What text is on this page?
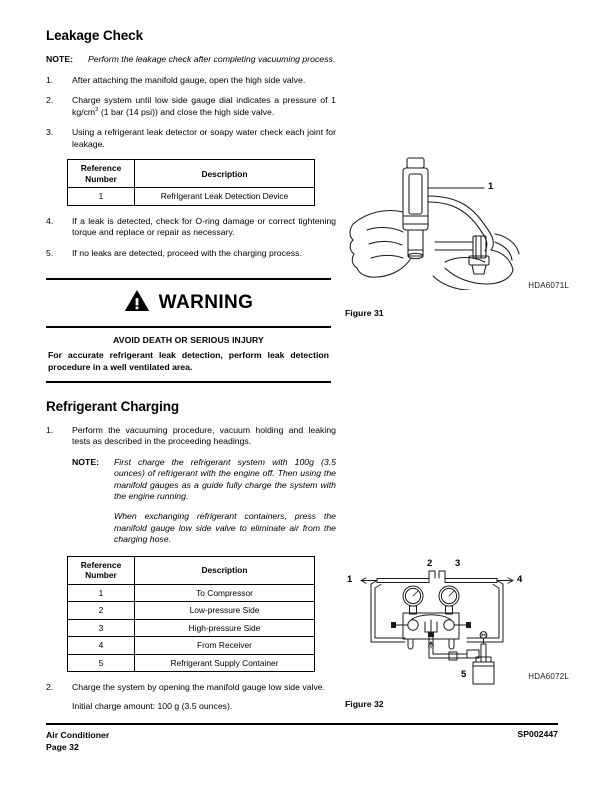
Leakage Check
NOTE:	Perform the leakage check after completing vacuuming process.

1.	After attaching the manifold gauge, open the high side valve.
2.	Charge system until low side gauge dial indicates a pressure of 1 $kg/cm^2$ (1 bar (14 psi)) and close the high side valve.
3.	Using a refrigerant leak detector or soapy water check each joint for leakage.
Reference
Number	Description
1	Refrigerant Leak Detection Device
4.	If a leak is detected, check for O-ring damage or correct tightening torque and replace or repair as necessary.
5.	If no leaks are detected, proceed with the charging process.
WARNING
AVOID DEATH OR SERIOUS INJURY
For accurate refrigerant leak detection, perform leak detection procedure in a well ventilated area.
Refrigerant Charging
1.	Perform the vacuuming procedure, vacuum holding and leaking tests as described in the proceeding headings.
NOTE:	First charge the refrigerant system with 100g (3.5 ounces) of refrigerant with the engine off. Then using the manifold gauges as a guide fully charge the system with the engine running.

When exchanging refrigerant containers, press the manifold gauge low side valve to eliminate air from the charging hose.

Reference
Number	Description
1	To Compressor
2	Low-pressure Side
3	High-pressure Side
4	From Receiver
5	Refrigerant Supply Container
2.	Charge the system by opening the manifold gauge low side valve.

Initial charge amount: 100 g (3.5 ounces).

HDA6071L
1
Figure 31
1
2 3
4
5	HDA6072L
Figure 32
Air Conditioner
Page 32
SP002447
